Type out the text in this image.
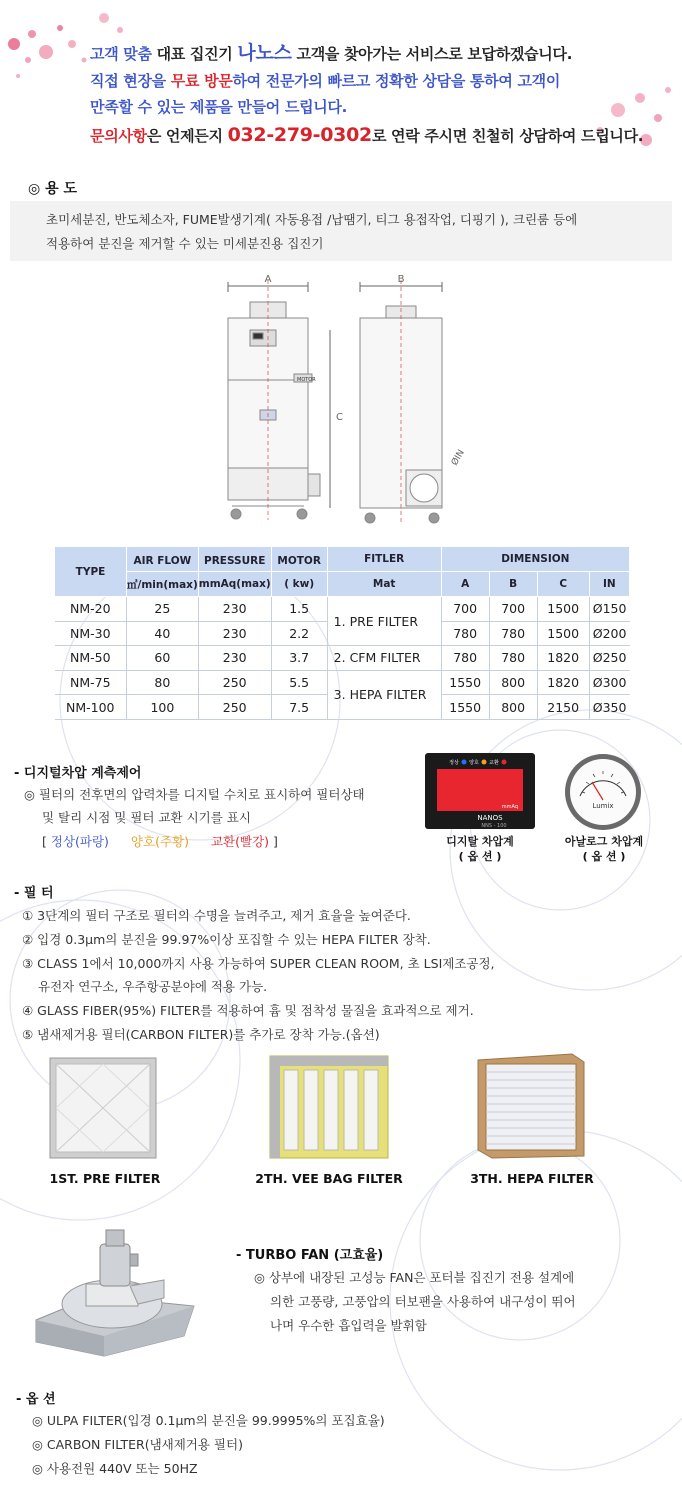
고객 맞춤 대표 집진기 나노스 고객을 찾아가는 서비스로 보답하겠습니다.
직접 현장을 무료 방문하여 전문가의 빠르고 정확한 상담을 통하여 고객이
만족할 수 있는 제품을 만들어 드립니다.
문의사항은 언제든지 032-279-0302로 연락 주시면 친철히 상담하여 드립니다.
◎ 용 도
초미세분진, 반도체소자, FUME발생기계( 자동용접 /납땜기, 티그 용접작업, 디핑기 ), 크린룸 등에
적용하여 분진을 제거할 수 있는 미세분진용 집진기
A	B
C
ØIN
MOTOR
TYPE	AIR FLOW	PRESSURE	MOTOR	FITLER	DIMENSION			
	㎥/min(max)	mmAq(max)	( kw)	Mat	A	B	C	IN
NM-20	25	230	1.5	1. PRE FILTER	700	700	1500	Ø150
NM-30	40	230	2.2		780	780	1500	Ø200
NM-50	60	230	3.7	2. CFM FILTER	780	780	1820	Ø250
NM-75	80	250	5.5	3. HEPA FILTER	1550	800	1820	Ø300
NM-100	100	250	7.5		1550	800	2150	Ø350
- 디지털차압 계측제어
◎ 필터의 전후면의 압력차를 디지털 수치로 표시하여 필터상태
및 탈리 시점 및 필터 교환 시기를 표시
[ 정상(파랑) 양호(주황) 교환(빨강) ]
정상 양호 교환
mmAq
NANOS
NNS - 100
디지탈 차압계
( 옵 션 )
Lumix
아날로그 차압계
( 옵 션 )
- 필 터
① 3단계의 필터 구조로 필터의 수명을 늘려주고, 제거 효율을 높여준다.
② 입경 0.3μm의 분진을 99.97%이상 포집할 수 있는 HEPA FILTER 장착.
③ CLASS 1에서 10,000까지 사용 가능하여 SUPER CLEAN ROOM, 초 LSI제조공정,
유전자 연구소, 우주항공분야에 적용 가능.
④ GLASS FIBER(95%) FILTER를 적용하여 흄 및 점착성 물질을 효과적으로 제거.
⑤ 냄새제거용 필터(CARBON FILTER)를 추가로 장착 가능.(옵션)
1ST. PRE FILTER	2TH. VEE BAG FILTER	3TH. HEPA FILTER
- TURBO FAN (고효율)
◎ 상부에 내장된 고성능 FAN은 포터블 집진기 전용 설계에
의한 고풍량, 고풍압의 터보팬을 사용하여 내구성이 뛰어
나며 우수한 흡입력을 발휘함
- 옵 션
◎ ULPA FILTER(입경 0.1μm의 분진을 99.9995%의 포집효율)
◎ CARBON FILTER(냄새제거용 필터)
◎ 사용전원 440V 또는 50HZ
